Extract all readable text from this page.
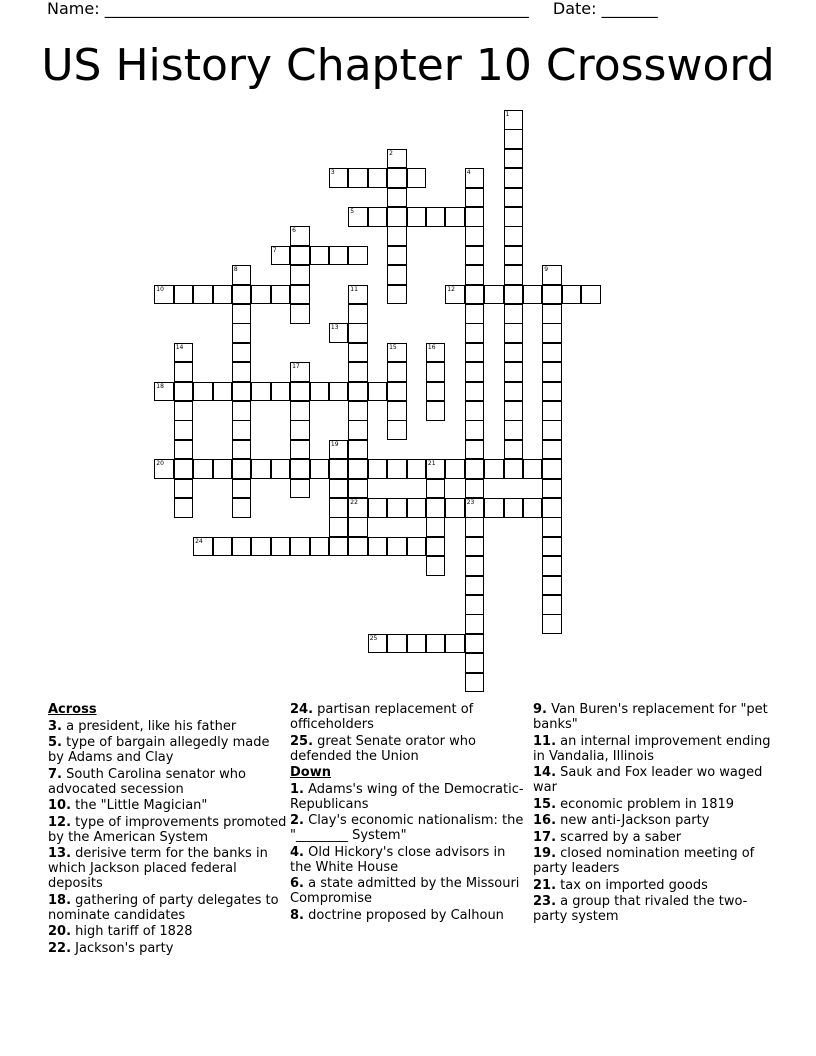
Name: _____________________________________________________ Date: _______
US History Chapter 10 Crossword
1
2
3	4
5
6
7
8	9
10	11	12
13
14	15	16
17
18
19
20	21
22	23
24
25

Across

3. a president, like his father

5. type of bargain allegedly made by Adams and Clay

7. South Carolina senator who advocated secession

10. the "Little Magician"

12. type of improvements promoted by the American System

13. derisive term for the banks in which Jackson placed federal deposits

18. gathering of party delegates to nominate candidates

20. high tariff of 1828

22. Jackson's party

24. partisan replacement of officeholders

25. great Senate orator who defended the Union

Down

1. Adams's wing of the Democratic-Republicans

2. Clay's economic nationalism: the "________ System"

4. Old Hickory's close advisors in the White House

6. a state admitted by the Missouri Compromise

8. doctrine proposed by Calhoun

9. Van Buren's replacement for "pet banks"

11. an internal improvement ending in Vandalia, Illinois

14. Sauk and Fox leader wo waged war

15. economic problem in 1819

16. new anti-Jackson party

17. scarred by a saber

19. closed nomination meeting of party leaders

21. tax on imported goods

23. a group that rivaled the two-party system
